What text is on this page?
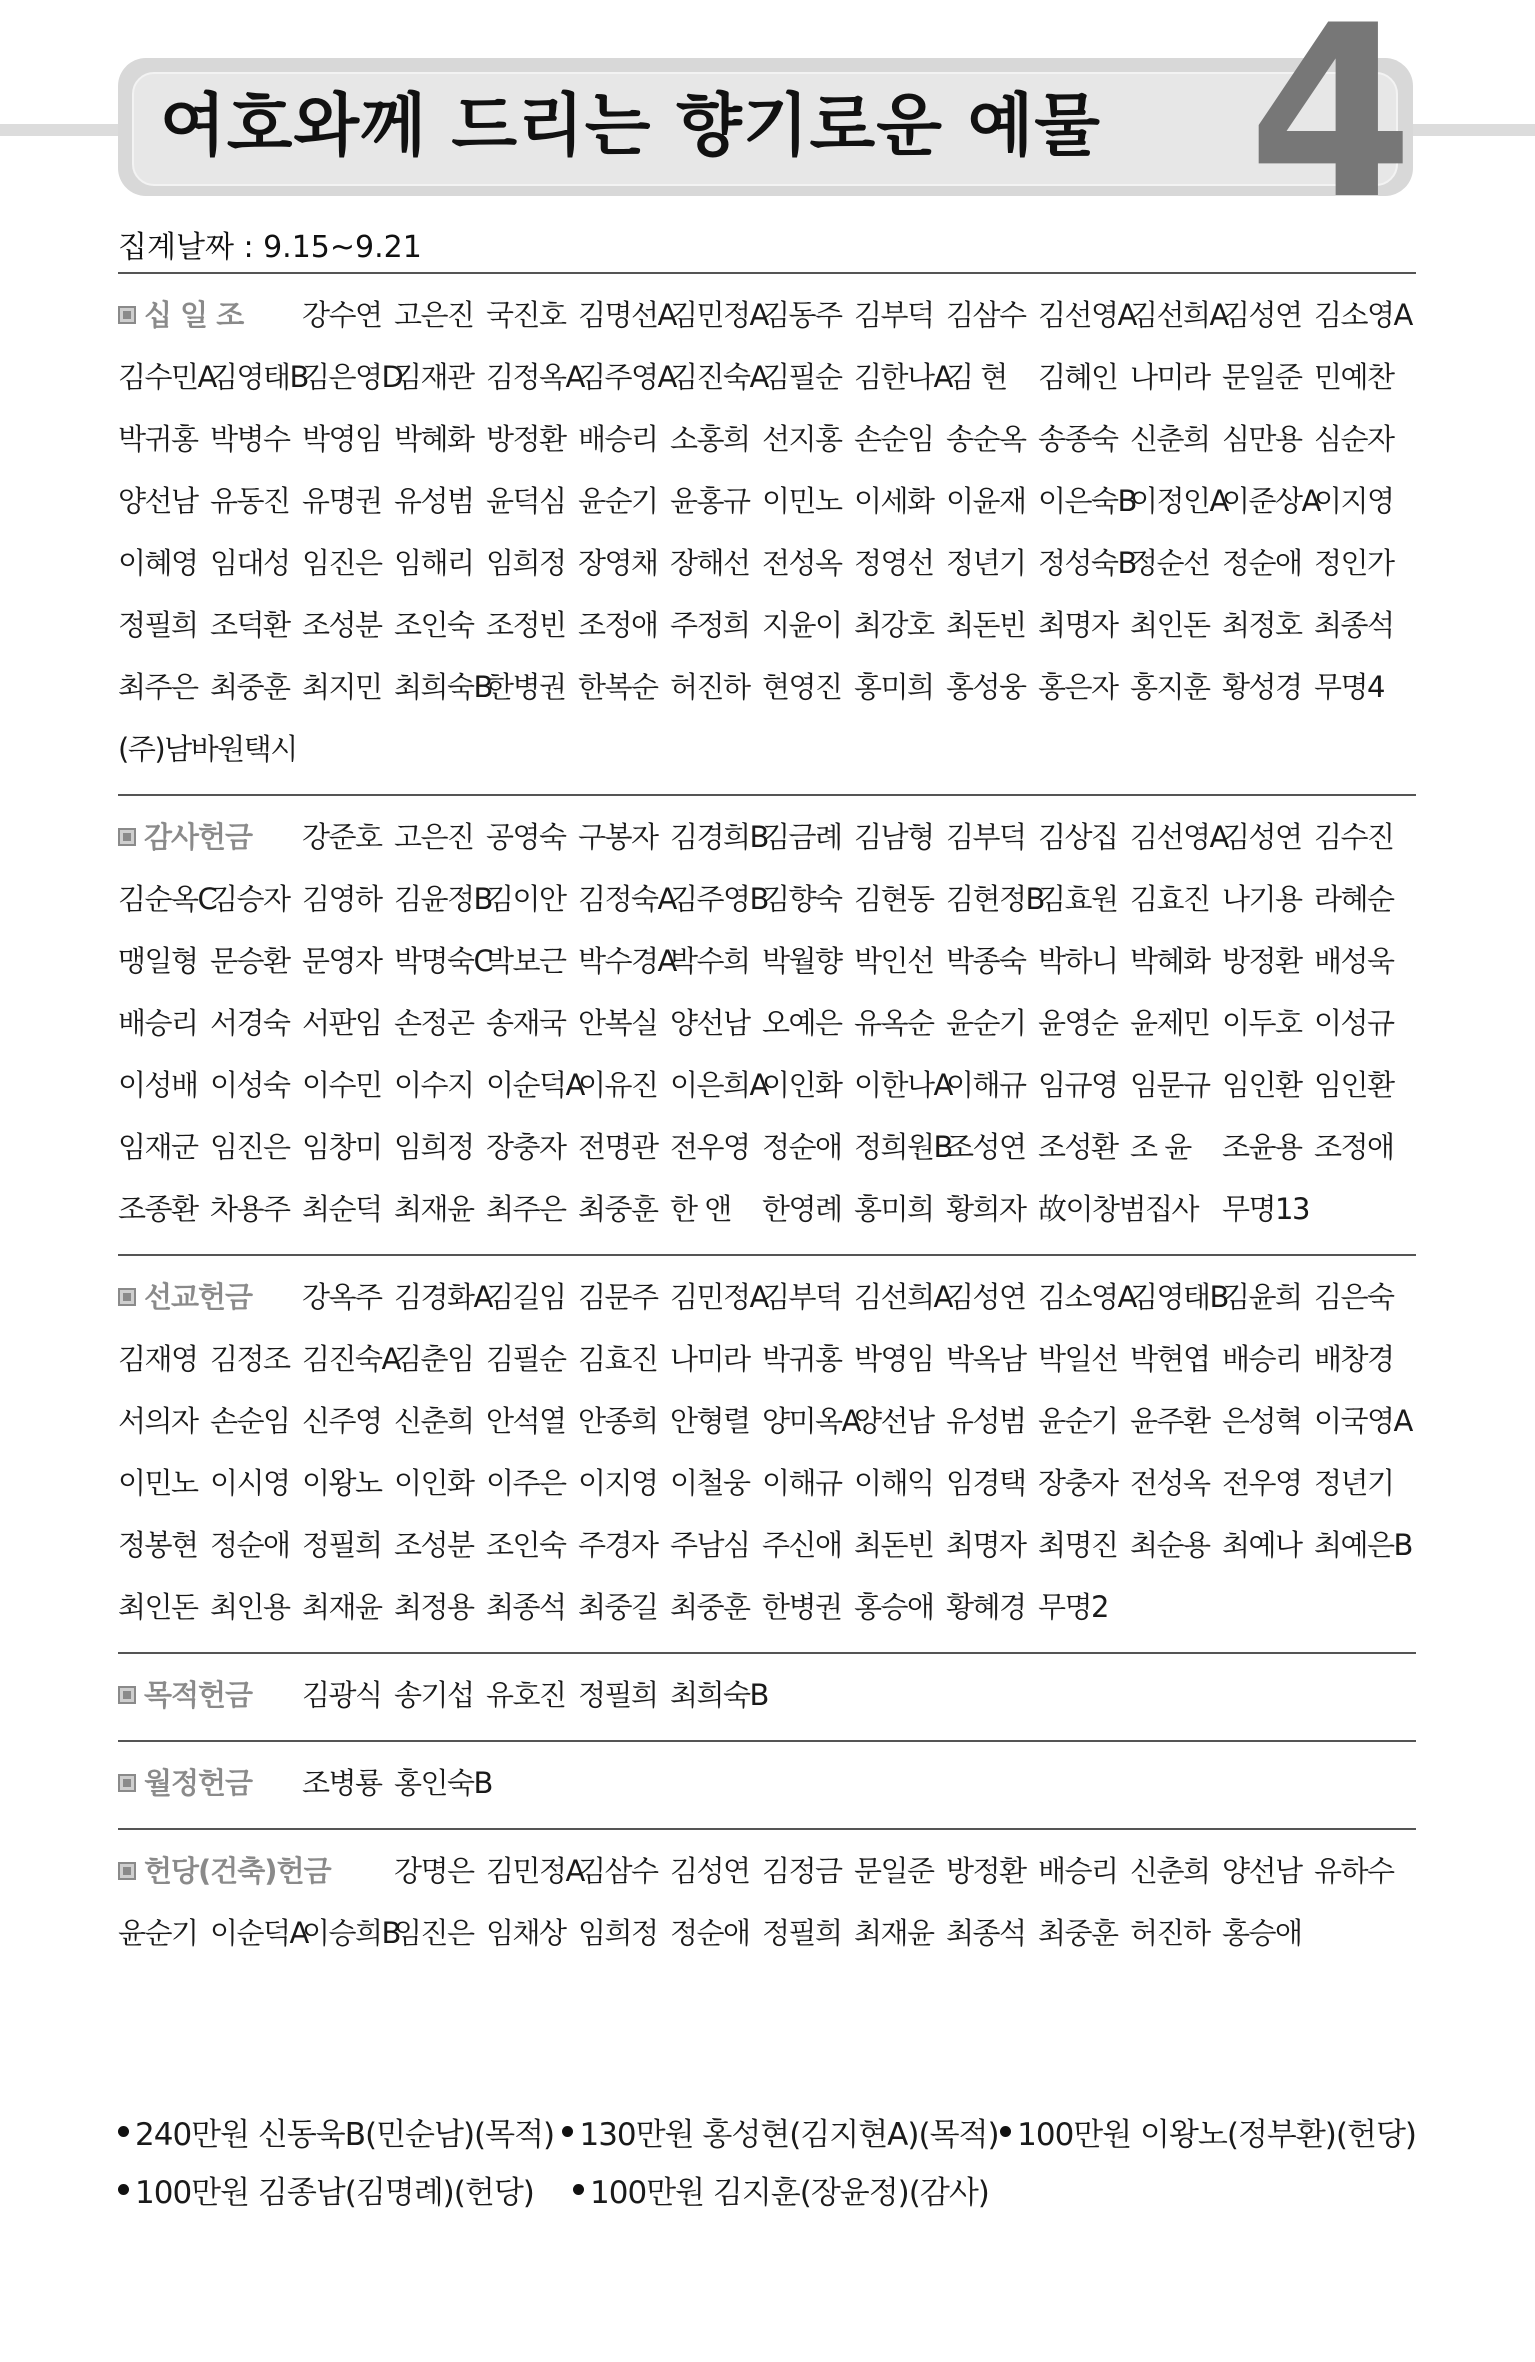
여호와께 드리는 향기로운 예물 4
집계날짜 : 9.15~9.21
십 일 조 강수연 고은진 국진호 김명선A
김민정A
김동주 김부덕 김삼수 김선영A
김선희A
김성연 김소영A
김수민A
김영태B
김은영D
김재관 김정옥A
김주영A
김진숙A
김필순 김한나A
김 현	김혜인 나미라 문일준 민예찬
박귀홍 박병수 박영임 박혜화 방정환 배승리 소홍희 선지홍 손순임 송순옥 송종숙 신춘희 심만용 심순자
양선남 유동진 유명권 유성범 윤덕심 윤순기 윤홍규 이민노 이세화 이윤재 이은숙B
이정인A
이준상A
이지영
이혜영 임대성 임진은 임해리 임희정 장영채 장해선 전성옥 정영선 정년기 정성숙B
정순선 정순애 정인가
정필희 조덕환 조성분 조인숙 조정빈 조정애 주정희 지윤이 최강호 최돈빈 최명자 최인돈 최정호 최종석
최주은 최중훈 최지민 최희숙B
한병권 한복순 허진하 현영진 홍미희 홍성웅 홍은자 홍지훈 황성경 무명4
(주)남바원택시
감사헌금 강준호 고은진 공영숙 구봉자 김경희B
김금례 김남형 김부덕 김상집 김선영A
김성연 김수진
김순옥C
김승자 김영하 김윤정B
김이안 김정숙A
김주영B
김향숙 김현동 김현정B
김효원 김효진 나기용 라혜순
맹일형 문승환 문영자 박명숙C
박보근 박수경A
박수희 박월향 박인선 박종숙 박하니 박혜화 방정환 배성욱
배승리 서경숙 서판임 손정곤 송재국 안복실 양선남 오예은 유옥순 윤순기 윤영순 윤제민 이두호 이성규
이성배 이성숙 이수민 이수지 이순덕A
이유진 이은희A
이인화 이한나A
이해규 임규영 임문규 임인환 임인환
임재군 임진은 임창미 임희정 장충자 전명관 전우영 정순애 정희원B
조성연 조성환 조 윤	조윤용 조정애
조종환 차용주 최순덕 최재윤 최주은 최중훈 한 앤	한영례 홍미희 황희자 故이창범집사 무명13
선교헌금 강옥주 김경화A
김길임 김문주 김민정A
김부덕 김선희A
김성연 김소영A
김영태B
김윤희 김은숙
김재영 김정조 김진숙A
김춘임 김필순 김효진 나미라 박귀홍 박영임 박옥남 박일선 박현엽 배승리 배창경
서의자 손순임 신주영 신춘희 안석열 안종희 안형렬 양미옥A
양선남 유성범 윤순기 윤주환 은성혁 이국영A
이민노 이시영 이왕노 이인화 이주은 이지영 이철웅 이해규 이해익 임경택 장충자 전성옥 전우영 정년기
정봉현 정순애 정필희 조성분 조인숙 주경자 주남심 주신애 최돈빈 최명자 최명진 최순용 최예나 최예은B
최인돈 최인용 최재윤 최정용 최종석 최중길 최중훈 한병권 홍승애 황혜경 무명2
목적헌금 김광식 송기섭 유호진 정필희 최희숙B
월정헌금 조병룡 홍인숙B
헌당(건축)헌금 강명은 김민정A
김삼수 김성연 김정금 문일준 방정환 배승리 신춘희 양선남 유하수
윤순기 이순덕A
이승희B
임진은 임채상 임희정 정순애 정필희 최재윤 최종석 최중훈 허진하 홍승애
240만원 신동욱B(민순남)(목적) 130만원 홍성현(김지현A)(목적) 100만원 이왕노(정부환)(헌당)
100만원 김종남(김명례)(헌당) 100만원 김지훈(장윤정)(감사)
